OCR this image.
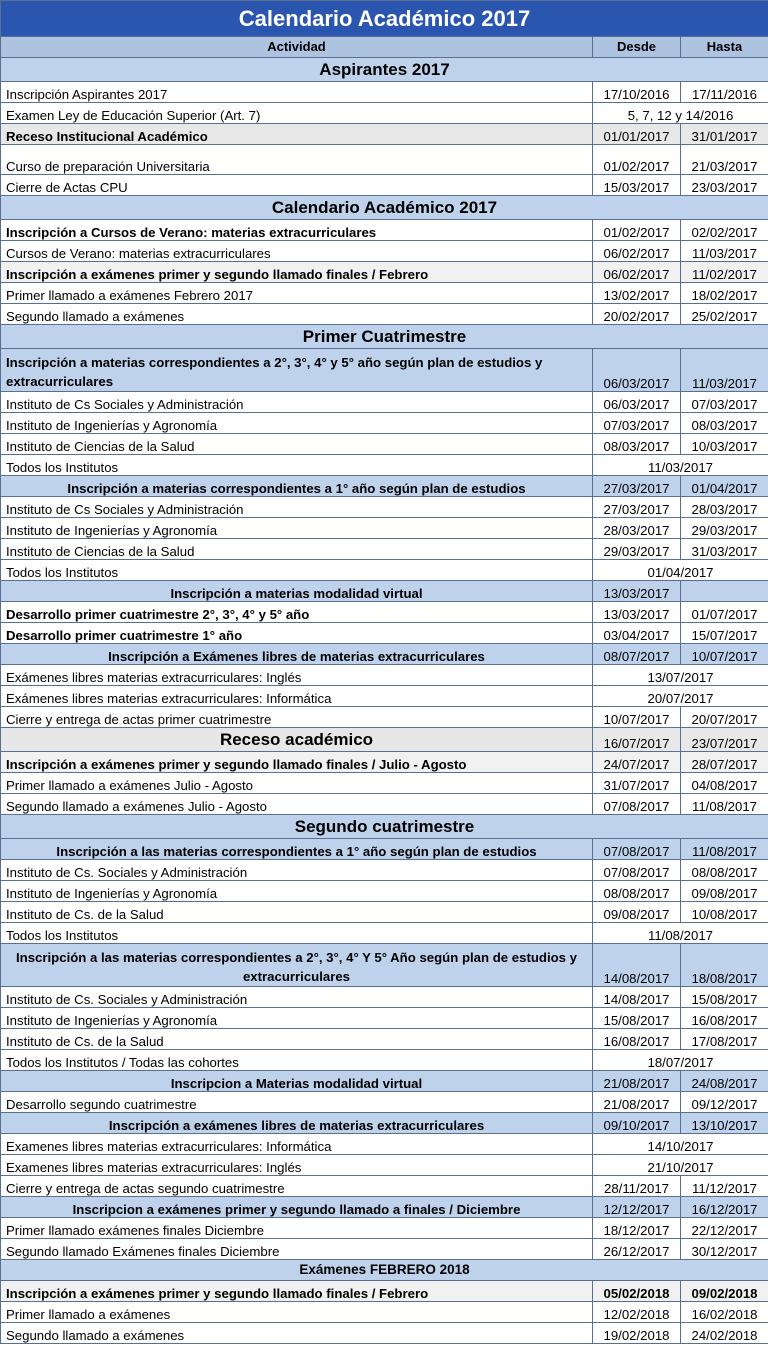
Calendario Académico 2017		
Actividad	Desde	Hasta
Aspirantes 2017		
Inscripción Aspirantes 2017	17/10/2016	17/11/2016
Examen Ley de Educación Superior (Art. 7)	5, 7, 12 y 14/2016	
Receso Institucional Académico	01/01/2017	31/01/2017
Curso de preparación Universitaria	01/02/2017	21/03/2017
Cierre de Actas CPU	15/03/2017	23/03/2017
Calendario Académico 2017		
Inscripción a Cursos de Verano: materias extracurriculares	01/02/2017	02/02/2017
Cursos de Verano: materias extracurriculares	06/02/2017	11/03/2017
Inscripción a exámenes primer y segundo llamado finales / Febrero	06/02/2017	11/02/2017
Primer llamado a exámenes Febrero 2017	13/02/2017	18/02/2017
Segundo llamado a exámenes	20/02/2017	25/02/2017
Primer Cuatrimestre		
Inscripción a materias correspondientes a 2°, 3°, 4° y 5° año según plan de estudios y extracurriculares	06/03/2017	11/03/2017
Instituto de Cs Sociales y Administración	06/03/2017	07/03/2017
Instituto de Ingenierías y Agronomía	07/03/2017	08/03/2017
Instituto de Ciencias de la Salud	08/03/2017	10/03/2017
Todos los Institutos	11/03/2017	
Inscripción a materias correspondientes a 1° año según plan de estudios	27/03/2017	01/04/2017
Instituto de Cs Sociales y Administración	27/03/2017	28/03/2017
Instituto de Ingenierías y Agronomía	28/03/2017	29/03/2017
Instituto de Ciencias de la Salud	29/03/2017	31/03/2017
Todos los Institutos	01/04/2017	
Inscripción a materias modalidad virtual	13/03/2017	
Desarrollo primer cuatrimestre 2°, 3°, 4° y 5° año	13/03/2017	01/07/2017
Desarrollo primer cuatrimestre 1° año	03/04/2017	15/07/2017
Inscripción a Exámenes libres de materias extracurriculares	08/07/2017	10/07/2017
Exámenes libres materias extracurriculares: Inglés	13/07/2017	
Exámenes libres materias extracurriculares: Informática	20/07/2017	
Cierre y entrega de actas primer cuatrimestre	10/07/2017	20/07/2017
Receso académico	16/07/2017	23/07/2017
Inscripción a exámenes primer y segundo llamado finales / Julio - Agosto	24/07/2017	28/07/2017
Primer llamado a exámenes Julio - Agosto	31/07/2017	04/08/2017
Segundo llamado a exámenes Julio - Agosto	07/08/2017	11/08/2017
Segundo cuatrimestre		
Inscripción a las materias correspondientes a 1° año según plan de estudios	07/08/2017	11/08/2017
Instituto de Cs. Sociales y Administración	07/08/2017	08/08/2017
Instituto de Ingenierías y Agronomía	08/08/2017	09/08/2017
Instituto de Cs. de la Salud	09/08/2017	10/08/2017
Todos los Institutos	11/08/2017	
Inscripción a las materias correspondientes a 2°, 3°, 4° Y 5° Año según plan de estudios y extracurriculares	14/08/2017	18/08/2017
Instituto de Cs. Sociales y Administración	14/08/2017	15/08/2017
Instituto de Ingenierías y Agronomía	15/08/2017	16/08/2017
Instituto de Cs. de la Salud	16/08/2017	17/08/2017
Todos los Institutos / Todas las cohortes	18/07/2017	
Inscripcion a Materias modalidad virtual	21/08/2017	24/08/2017
Desarrollo segundo cuatrimestre	21/08/2017	09/12/2017
Inscripción a exámenes libres de materias extracurriculares	09/10/2017	13/10/2017
Examenes libres materias extracurriculares: Informática	14/10/2017	
Examenes libres materias extracurriculares: Inglés	21/10/2017	
Cierre y entrega de actas segundo cuatrimestre	28/11/2017	11/12/2017
Inscripcion a exámenes primer y segundo llamado a finales / Diciembre	12/12/2017	16/12/2017
Primer llamado exámenes finales Diciembre	18/12/2017	22/12/2017
Segundo llamado Exámenes finales Diciembre	26/12/2017	30/12/2017
Exámenes FEBRERO 2018		
Inscripción a exámenes primer y segundo llamado finales / Febrero	05/02/2018	09/02/2018
Primer llamado a exámenes	12/02/2018	16/02/2018
Segundo llamado a exámenes	19/02/2018	24/02/2018
